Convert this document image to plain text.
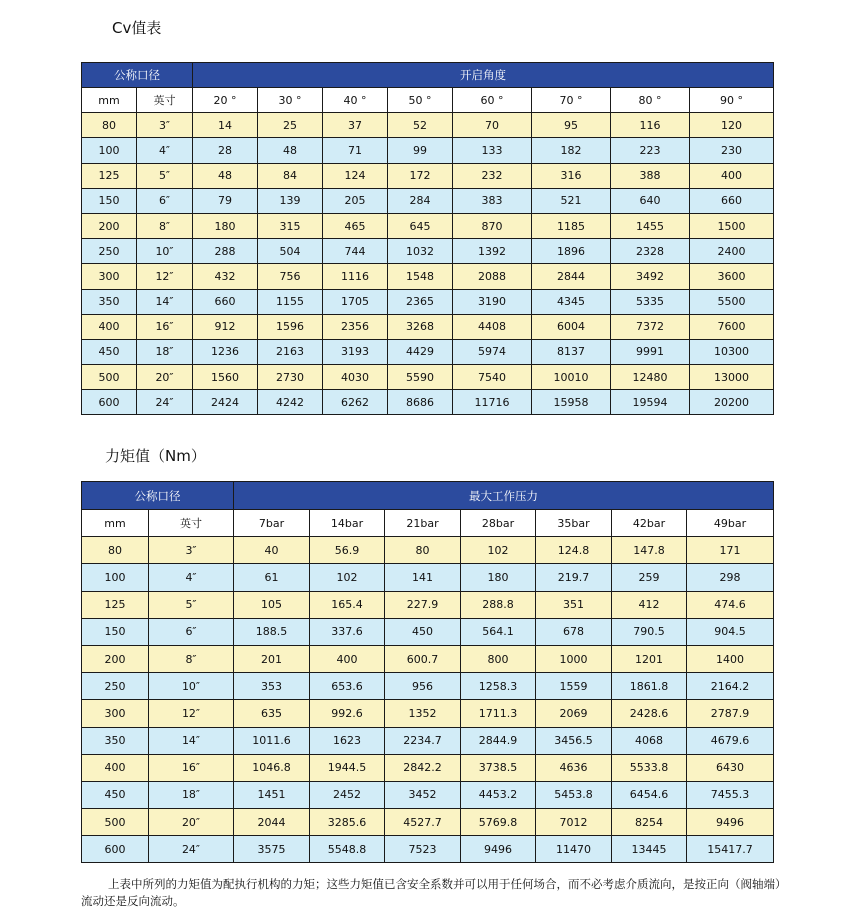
Cv值表
公称口径		开启角度							
mm	英寸	20 °	30 °	40 °	50 °	60 °	70 °	80 °	90 °
80	3″	14	25	37	52	70	95	116	120
100	4″	28	48	71	99	133	182	223	230
125	5″	48	84	124	172	232	316	388	400
150	6″	79	139	205	284	383	521	640	660
200	8″	180	315	465	645	870	1185	1455	1500
250	10″	288	504	744	1032	1392	1896	2328	2400
300	12″	432	756	1116	1548	2088	2844	3492	3600
350	14″	660	1155	1705	2365	3190	4345	5335	5500
400	16″	912	1596	2356	3268	4408	6004	7372	7600
450	18″	1236	2163	3193	4429	5974	8137	9991	10300
500	20″	1560	2730	4030	5590	7540	10010	12480	13000
600	24″	2424	4242	6262	8686	11716	15958	19594	20200
力矩值（Nm）
公称口径		最大工作压力						
mm	英寸	7bar	14bar	21bar	28bar	35bar	42bar	49bar
80	3″	40	56.9	80	102	124.8	147.8	171
100	4″	61	102	141	180	219.7	259	298
125	5″	105	165.4	227.9	288.8	351	412	474.6
150	6″	188.5	337.6	450	564.1	678	790.5	904.5
200	8″	201	400	600.7	800	1000	1201	1400
250	10″	353	653.6	956	1258.3	1559	1861.8	2164.2
300	12″	635	992.6	1352	1711.3	2069	2428.6	2787.9
350	14″	1011.6	1623	2234.7	2844.9	3456.5	4068	4679.6
400	16″	1046.8	1944.5	2842.2	3738.5	4636	5533.8	6430
450	18″	1451	2452	3452	4453.2	5453.8	6454.6	7455.3
500	20″	2044	3285.6	4527.7	5769.8	7012	8254	9496
600	24″	3575	5548.8	7523	9496	11470	13445	15417.7
上表中所列的力矩值为配执行机构的力矩；这些力矩值已含安全系数并可以用于任何场合，而不必考虑介质流向，是按正向（阀轴端）流动还是反向流动。
